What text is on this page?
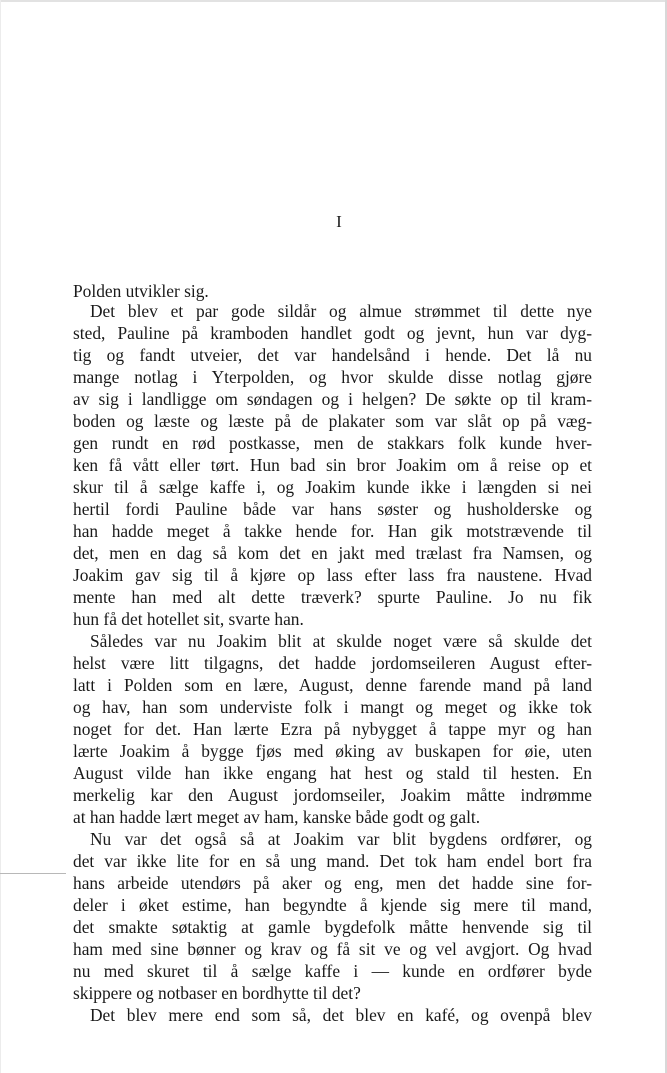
I
Polden utvikler sig.
Det blev et par gode sildår og almue strømmet til dette nye
sted, Pauline på kramboden handlet godt og jevnt, hun var dyg-
tig og fandt utveier, det var handelsånd i hende. Det lå nu
mange notlag i Yterpolden, og hvor skulde disse notlag gjøre
av sig i landligge om søndagen og i helgen? De søkte op til kram-
boden og læste og læste på de plakater som var slåt op på væg-
gen rundt en rød postkasse, men de stakkars folk kunde hver-
ken få vått eller tørt. Hun bad sin bror Joakim om å reise op et
skur til å sælge kaffe i, og Joakim kunde ikke i længden si nei
hertil fordi Pauline både var hans søster og husholderske og
han hadde meget å takke hende for. Han gik motstrævende til
det, men en dag så kom det en jakt med trælast fra Namsen, og
Joakim gav sig til å kjøre op lass efter lass fra naustene. Hvad
mente han med alt dette træverk? spurte Pauline. Jo nu fik
hun få det hotellet sit, svarte han.
Således var nu Joakim blit at skulde noget være så skulde det
helst være litt tilgagns, det hadde jordomseileren August efter-
latt i Polden som en lære, August, denne farende mand på land
og hav, han som underviste folk i mangt og meget og ikke tok
noget for det. Han lærte Ezra på nybygget å tappe myr og han
lærte Joakim å bygge fjøs med øking av buskapen for øie, uten
August vilde han ikke engang hat hest og stald til hesten. En
merkelig kar den August jordomseiler, Joakim måtte indrømme
at han hadde lært meget av ham, kanske både godt og galt.
Nu var det også så at Joakim var blit bygdens ordfører, og
det var ikke lite for en så ung mand. Det tok ham endel bort fra
hans arbeide utendørs på aker og eng, men det hadde sine for-
deler i øket estime, han begyndte å kjende sig mere til mand,
det smakte søtaktig at gamle bygdefolk måtte henvende sig til
ham med sine bønner og krav og få sit ve og vel avgjort. Og hvad
nu med skuret til å sælge kaffe i — kunde en ordfører byde
skippere og notbaser en bordhytte til det?
Det blev mere end som så, det blev en kafé, og ovenpå blev
